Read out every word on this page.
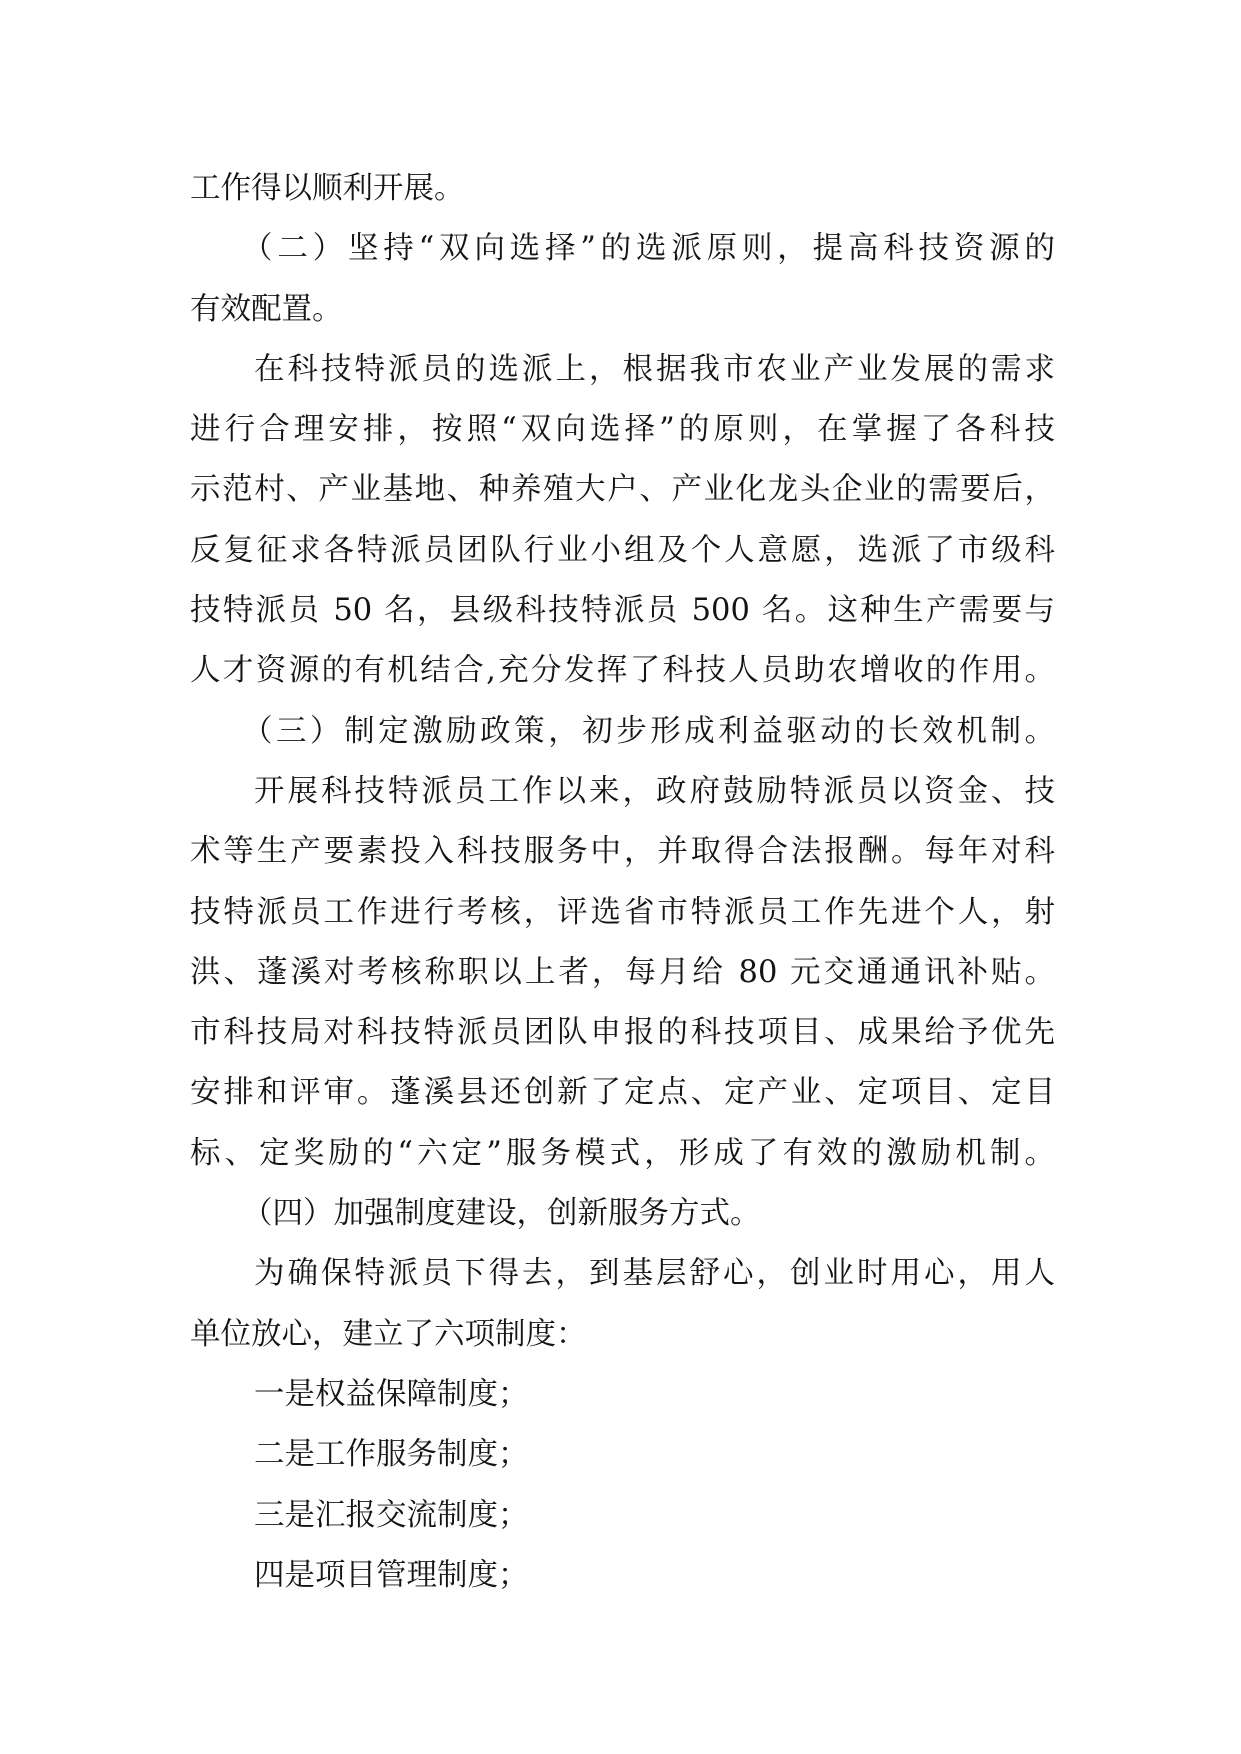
工作得以顺利开展。
（二）坚持“双向选择”的选派原则，提高科技资源的
有效配置。
在科技特派员的选派上，根据我市农业产业发展的需求
进行合理安排，按照“双向选择”的原则，在掌握了各科技
示范村、产业基地、种养殖大户、产业化龙头企业的需要后，
反复征求各特派员团队行业小组及个人意愿，选派了市级科
技特派员 50 名，县级科技特派员 500 名。这种生产需要与
人才资源的有机结合,充分发挥了科技人员助农增收的作用。
（三）制定激励政策，初步形成利益驱动的长效机制。
开展科技特派员工作以来，政府鼓励特派员以资金、技
术等生产要素投入科技服务中，并取得合法报酬。每年对科
技特派员工作进行考核，评选省市特派员工作先进个人，射
洪、蓬溪对考核称职以上者，每月给 80 元交通通讯补贴。
市科技局对科技特派员团队申报的科技项目、成果给予优先
安排和评审。蓬溪县还创新了定点、定产业、定项目、定目
标、定奖励的“六定”服务模式，形成了有效的激励机制。
（四）加强制度建设，创新服务方式。
为确保特派员下得去，到基层舒心，创业时用心，用人
单位放心，建立了六项制度：
一是权益保障制度；
二是工作服务制度；
三是汇报交流制度；
四是项目管理制度；
